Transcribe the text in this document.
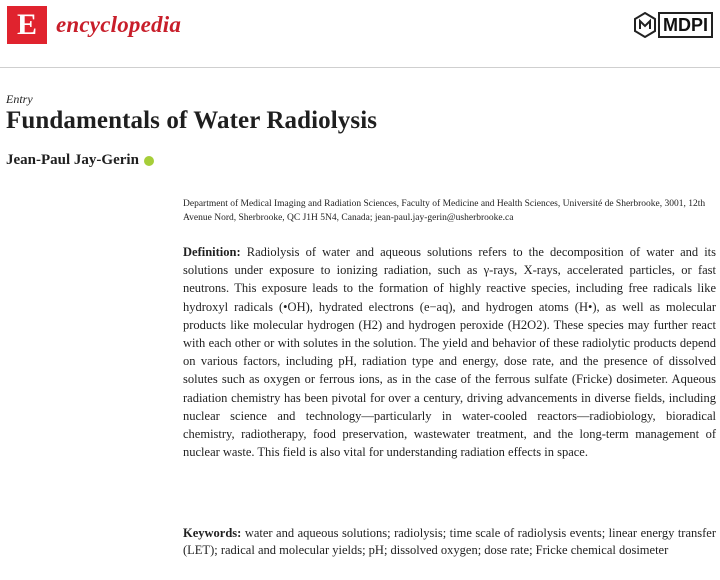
E encyclopedia	MDPI
Entry
Fundamentals of Water Radiolysis
Jean-Paul Jay-Gerin
Department of Medical Imaging and Radiation Sciences, Faculty of Medicine and Health Sciences, Université de Sherbrooke, 3001, 12th Avenue Nord, Sherbrooke, QC J1H 5N4, Canada; jean-paul.jay-gerin@usherbrooke.ca

Definition: Radiolysis of water and aqueous solutions refers to the decomposition of water and its solutions under exposure to ionizing radiation, such as γ-rays, X-rays, accelerated particles, or fast neutrons. This exposure leads to the formation of highly reactive species, including free radicals like hydroxyl radicals (•OH), hydrated electrons (e−aq), and hydrogen atoms (H•), as well as molecular products like molecular hydrogen (H2) and hydrogen peroxide (H2O2). These species may further react with each other or with solutes in the solution. The yield and behavior of these radiolytic products depend on various factors, including pH, radiation type and energy, dose rate, and the presence of dissolved solutes such as oxygen or ferrous ions, as in the case of the ferrous sulfate (Fricke) dosimeter. Aqueous radiation chemistry has been pivotal for over a century, driving advancements in diverse fields, including nuclear science and technology—particularly in water-cooled reactors—radiobiology, bioradical chemistry, radiotherapy, food preservation, wastewater treatment, and the long-term management of nuclear waste. This field is also vital for understanding radiation effects in space.

Keywords: water and aqueous solutions; radiolysis; time scale of radiolysis events; linear energy transfer (LET); radical and molecular yields; pH; dissolved oxygen; dose rate; Fricke chemical dosimeter
